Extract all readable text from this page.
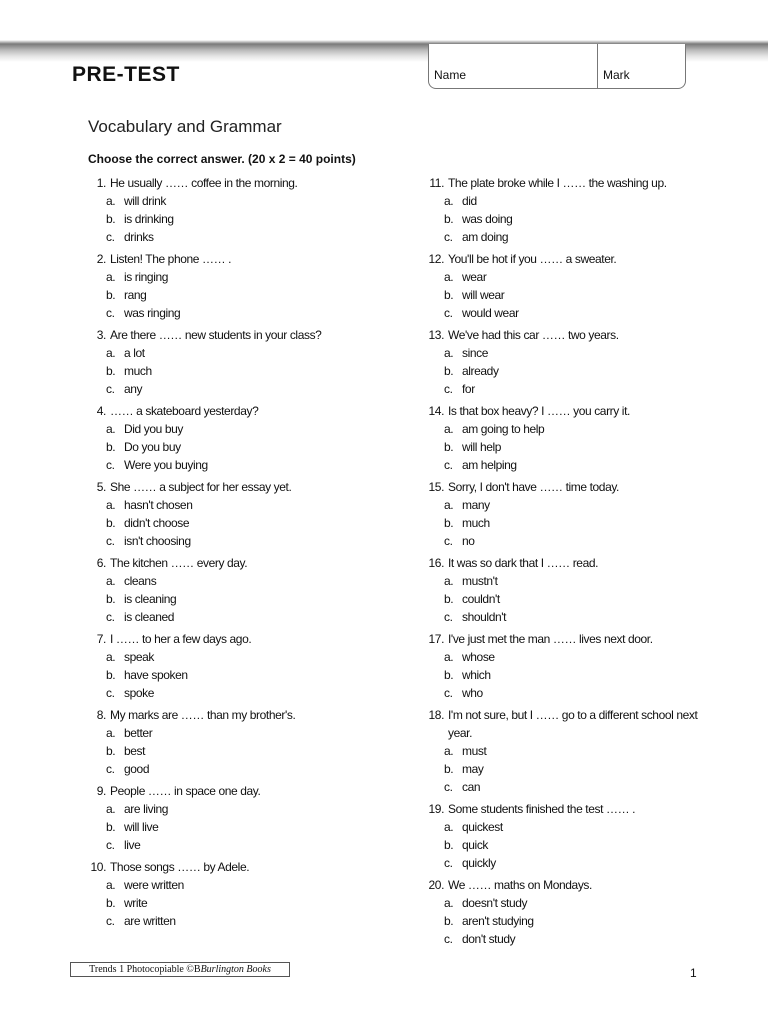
PRE-TEST	Name	Mark
Vocabulary and Grammar

Choose the correct answer. (20 x 2 = 40 points)

1. He usually …… coffee in the morning.
a. will drink
b. is drinking
c. drinks
2. Listen! The phone …… .
a. is ringing
b. rang
c. was ringing
3. Are there …… new students in your class?
a. a lot
b. much
c. any
4. …… a skateboard yesterday?
a. Did you buy
b. Do you buy
c. Were you buying
5. She …… a subject for her essay yet.
a. hasn't chosen
b. didn't choose
c. isn't choosing
6. The kitchen …… every day.
a. cleans
b. is cleaning
c. is cleaned
7. I …… to her a few days ago.
a. speak
b. have spoken
c. spoke
8. My marks are …… than my brother's.
a. better
b. best
c. good
9. People …… in space one day.
a. are living
b. will live
c. live
10. Those songs …… by Adele.
a. were written
b. write
c. are written
11. The plate broke while I …… the washing up.
a. did
b. was doing
c. am doing
12. You'll be hot if you …… a sweater.
a. wear
b. will wear
c. would wear
13. We've had this car …… two years.
a. since
b. already
c. for
14. Is that box heavy? I …… you carry it.
a. am going to help
b. will help
c. am helping
15. Sorry, I don't have …… time today.
a. many
b. much
c. no
16. It was so dark that I …… read.
a. mustn't
b. couldn't
c. shouldn't
17. I've just met the man …… lives next door.
a. whose
b. which
c. who
18. I'm not sure, but I …… go to a different school next year.
a. must
b. may
c. can
19. Some students finished the test …… .
a. quickest
b. quick
c. quickly
20. We …… maths on Mondays.
a. doesn't study
b. aren't studying
c. don't study
Trends 1 Photocopiable © B Burlington Books	1
